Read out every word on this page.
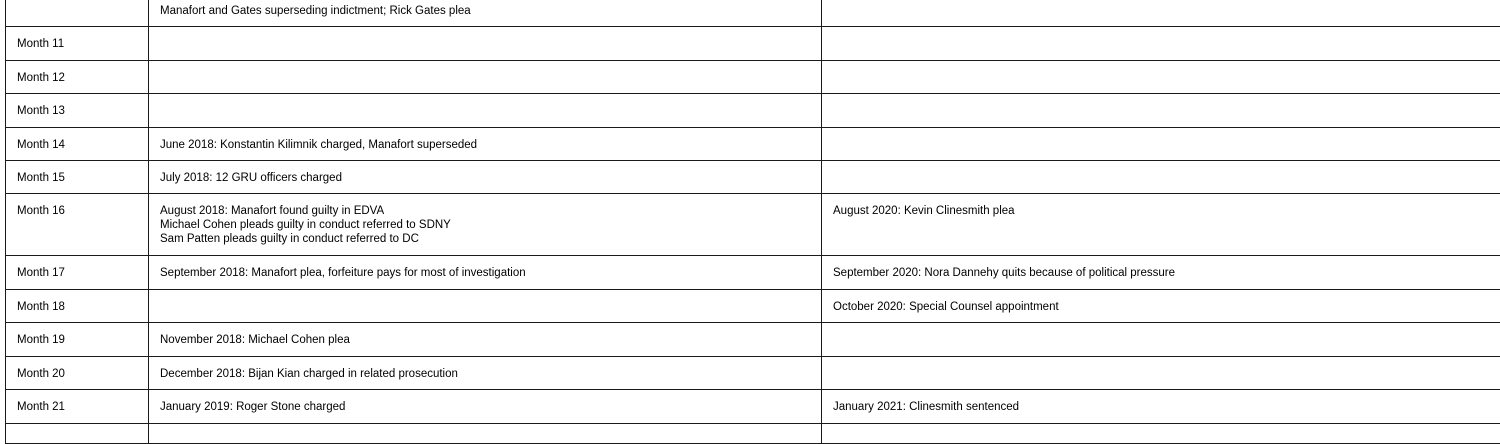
	Manafort and Gates superseding indictment; Rick Gates plea	

Month 11		
Month 12		
Month 13		
Month 14	June 2018: Konstantin Kilimnik charged, Manafort superseded	

Month 15	July 2018: 12 GRU officers charged	

Month 16	August 2018: Manafort found guilty in EDVA
Michael Cohen pleads guilty in conduct referred to SDNY
Sam Patten pleads guilty in conduct referred to DC	August 2020: Kevin Clinesmith plea

Month 17	September 2018: Manafort plea, forfeiture pays for most of investigation	September 2020: Nora Dannehy quits because of political pressure

Month 18		October 2020: Special Counsel appointment

Month 19	November 2018: Michael Cohen plea	

Month 20	December 2018: Bijan Kian charged in related prosecution	

Month 21	January 2019: Roger Stone charged	January 2021: Clinesmith sentenced
